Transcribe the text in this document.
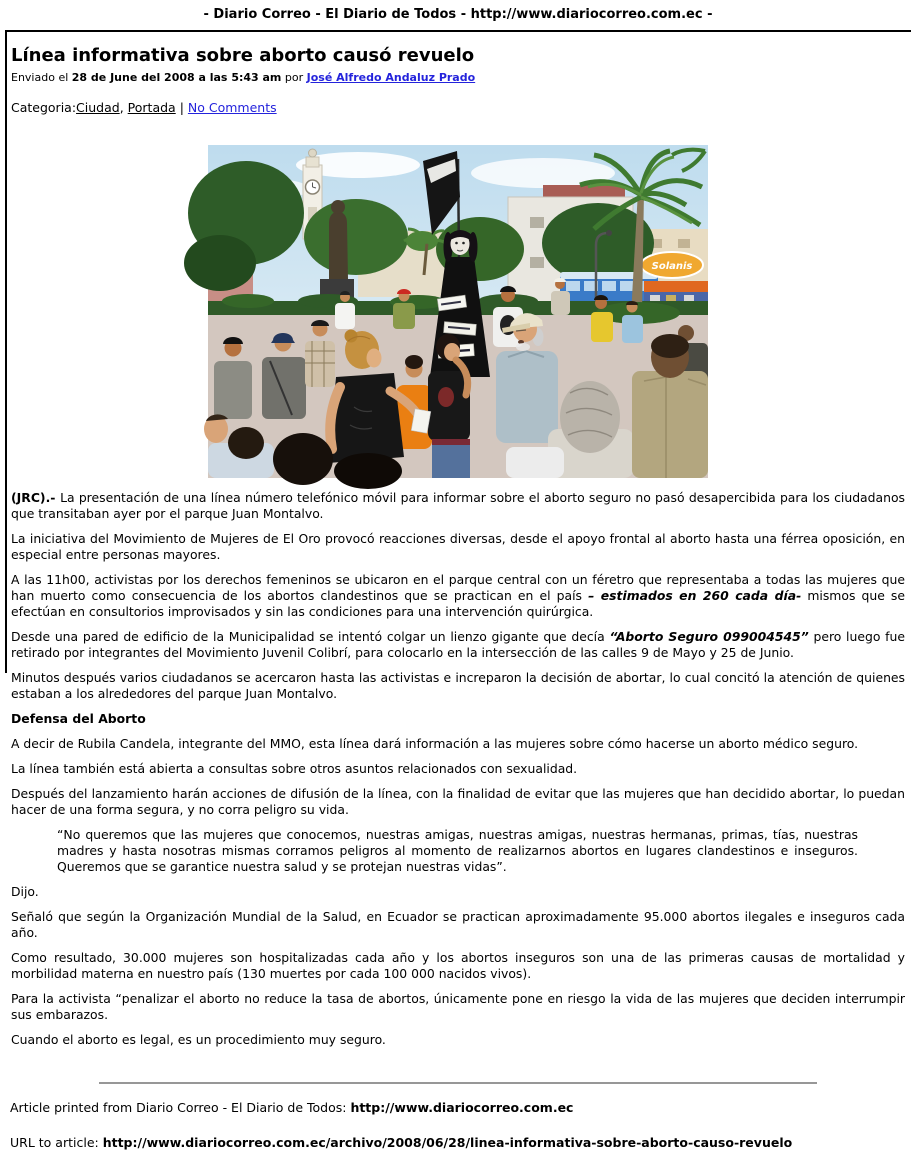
- Diario Correo - El Diario de Todos - http://www.diariocorreo.com.ec -
Línea informativa sobre aborto causó revuelo
Enviado el 28 de June del 2008 a las 5:43 am por José Alfredo Andaluz Prado
Categoria:Ciudad, Portada | No Comments
Solanis

(JRC).- La presentación de una línea número telefónico móvil para informar sobre el aborto seguro no pasó desapercibida para los ciudadanos que transitaban ayer por el parque Juan Montalvo.

La iniciativa del Movimiento de Mujeres de El Oro provocó reacciones diversas, desde el apoyo frontal al aborto hasta una férrea oposición, en especial entre personas mayores.

A las 11h00, activistas por los derechos femeninos se ubicaron en el parque central con un féretro que representaba a todas las mujeres que han muerto como consecuencia de los abortos clandestinos que se practican en el país – estimados en 260 cada día- mismos que se efectúan en consultorios improvisados y sin las condiciones para una intervención quirúrgica.

Desde una pared de edificio de la Municipalidad se intentó colgar un lienzo gigante que decía “Aborto Seguro 099004545” pero luego fue retirado por integrantes del Movimiento Juvenil Colibrí, para colocarlo en la intersección de las calles 9 de Mayo y 25 de Junio.

Minutos después varios ciudadanos se acercaron hasta las activistas e increparon la decisión de abortar, lo cual concitó la atención de quienes estaban a los alrededores del parque Juan Montalvo.

Defensa del Aborto

A decir de Rubila Candela, integrante del MMO, esta línea dará información a las mujeres sobre cómo hacerse un aborto médico seguro.

La línea también está abierta a consultas sobre otros asuntos relacionados con sexualidad.

Después del lanzamiento harán acciones de difusión de la línea, con la finalidad de evitar que las mujeres que han decidido abortar, lo puedan hacer de una forma segura, y no corra peligro su vida.

“No queremos que las mujeres que conocemos, nuestras amigas, nuestras amigas, nuestras hermanas, primas, tías, nuestras madres y hasta nosotras mismas corramos peligros al momento de realizarnos abortos en lugares clandestinos e inseguros. Queremos que se garantice nuestra salud y se protejan nuestras vidas”.

Dijo.

Señaló que según la Organización Mundial de la Salud, en Ecuador se practican aproximadamente 95.000 abortos ilegales e inseguros cada año.

Como resultado, 30.000 mujeres son hospitalizadas cada año y los abortos inseguros son una de las primeras causas de mortalidad y morbilidad materna en nuestro país (130 muertes por cada 100 000 nacidos vivos).

Para la activista “penalizar el aborto no reduce la tasa de abortos, únicamente pone en riesgo la vida de las mujeres que deciden interrumpir sus embarazos.

Cuando el aborto es legal, es un procedimiento muy seguro.

Article printed from Diario Correo - El Diario de Todos: http://www.diariocorreo.com.ec
URL to article: http://www.diariocorreo.com.ec/archivo/2008/06/28/linea-informativa-sobre-aborto-causo-revuelo
